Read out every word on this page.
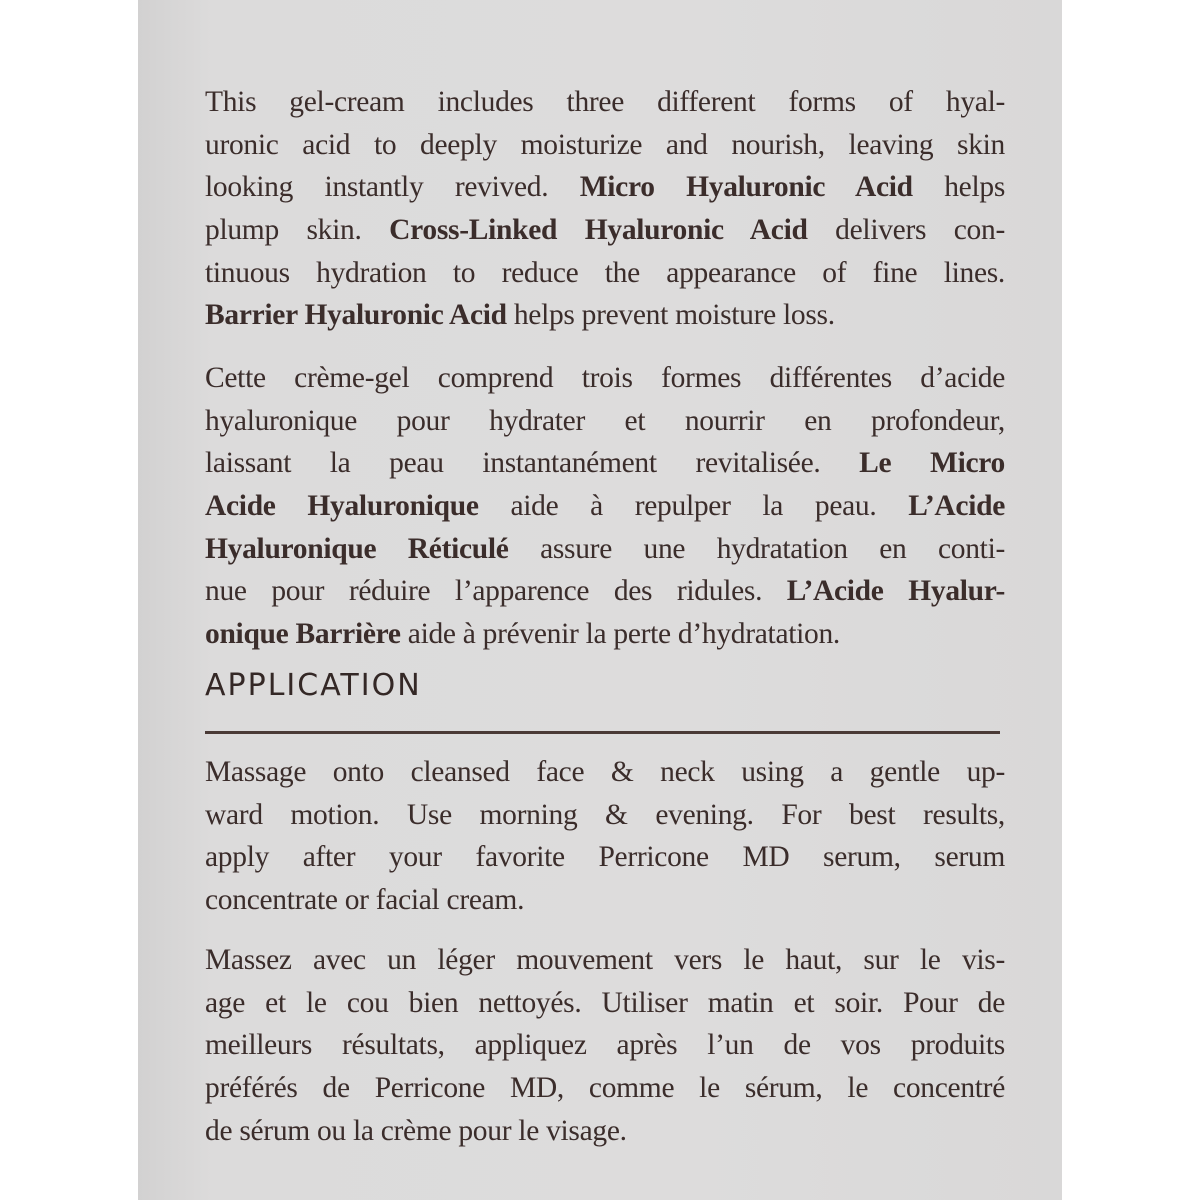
This gel-cream includes three different forms of hyal-
uronic acid to deeply moisturize and nourish, leaving skin
looking instantly revived. Micro Hyaluronic Acid helps
plump skin. Cross-Linked Hyaluronic Acid delivers con-
tinuous hydration to reduce the appearance of fine lines.
Barrier Hyaluronic Acid helps prevent moisture loss.
Cette crème-gel comprend trois formes différentes d’acide
hyaluronique pour hydrater et nourrir en profondeur,
laissant la peau instantanément revitalisée. Le Micro
Acide Hyaluronique aide à repulper la peau. L’Acide
Hyaluronique Réticulé assure une hydratation en conti-
nue pour réduire l’apparence des ridules. L’Acide Hyalur-
onique Barrière aide à prévenir la perte d’hydratation.
APPLICATION
Massage onto cleansed face & neck using a gentle up-
ward motion. Use morning & evening. For best results,
apply after your favorite Perricone MD serum, serum
concentrate or facial cream.
Massez avec un léger mouvement vers le haut, sur le vis-
age et le cou bien nettoyés. Utiliser matin et soir. Pour de
meilleurs résultats, appliquez après l’un de vos produits
préférés de Perricone MD, comme le sérum, le concentré
de sérum ou la crème pour le visage.
